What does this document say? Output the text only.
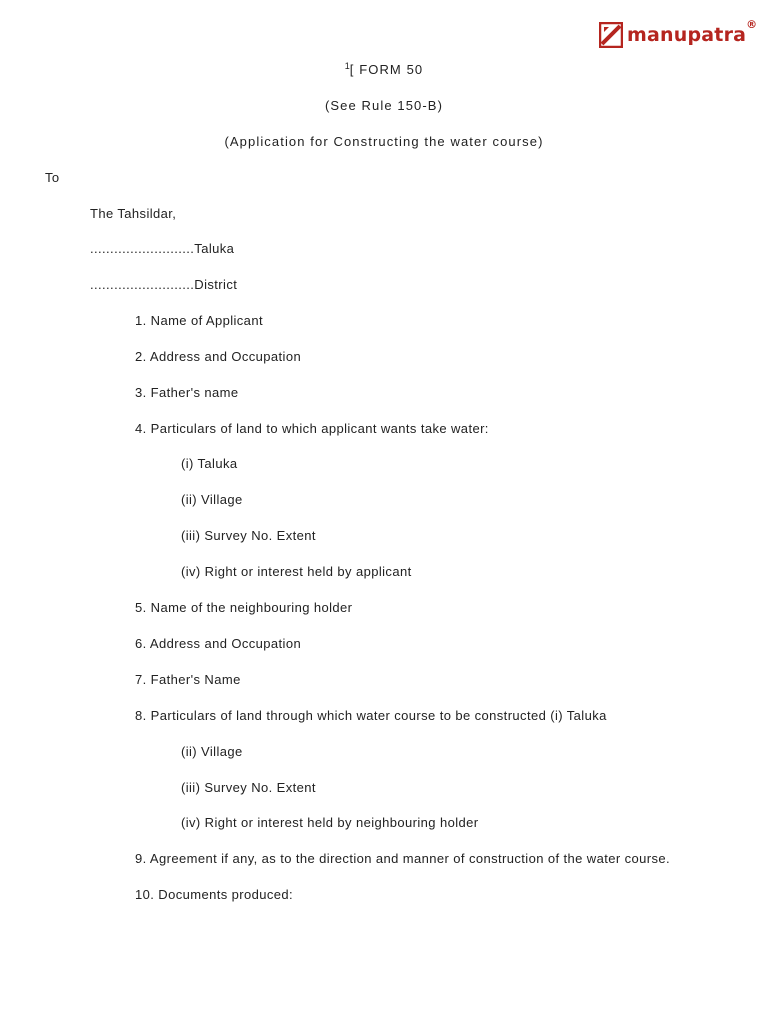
manupatra ®
$^1$[ FORM 50
(See Rule 150-B)
(Application for Constructing the water course)
To
The Tahsildar,
..........................Taluka
..........................District
1. Name of Applicant
2. Address and Occupation
3. Father's name
4. Particulars of land to which applicant wants take water:
(i) Taluka
(ii) Village
(iii) Survey No. Extent
(iv) Right or interest held by applicant
5. Name of the neighbouring holder
6. Address and Occupation
7. Father's Name
8. Particulars of land through which water course to be constructed (i) Taluka
(ii) Village
(iii) Survey No. Extent
(iv) Right or interest held by neighbouring holder
9. Agreement if any, as to the direction and manner of construction of the water course.
10. Documents produced:
